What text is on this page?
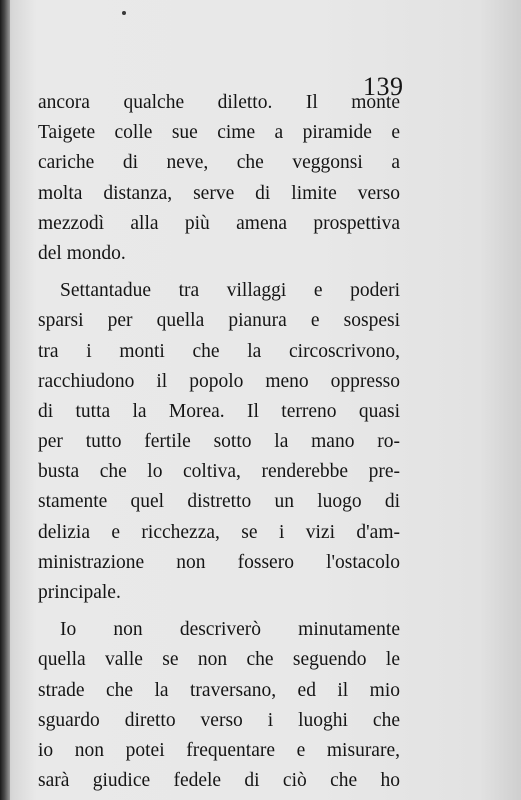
139
ancora qualche diletto. Il monte
Taigete colle sue cime a piramide e
cariche di neve, che veggonsi a
molta distanza, serve di limite verso
mezzodì alla più amena prospettiva
del mondo.
Settantadue tra villaggi e poderi
sparsi per quella pianura e sospesi
tra i monti che la circoscrivono,
racchiudono il popolo meno oppresso
di tutta la Morea. Il terreno quasi
per tutto fertile sotto la mano ro-
busta che lo coltiva, renderebbe pre-
stamente quel distretto un luogo di
delizia e ricchezza, se i vizi d'am-
ministrazione non fossero l'ostacolo
principale.
Io non descriverò minutamente
quella valle se non che seguendo le
strade che la traversano, ed il mio
sguardo diretto verso i luoghi che
io non potei frequentare e misurare,
sarà giudice fedele di ciò che ho
